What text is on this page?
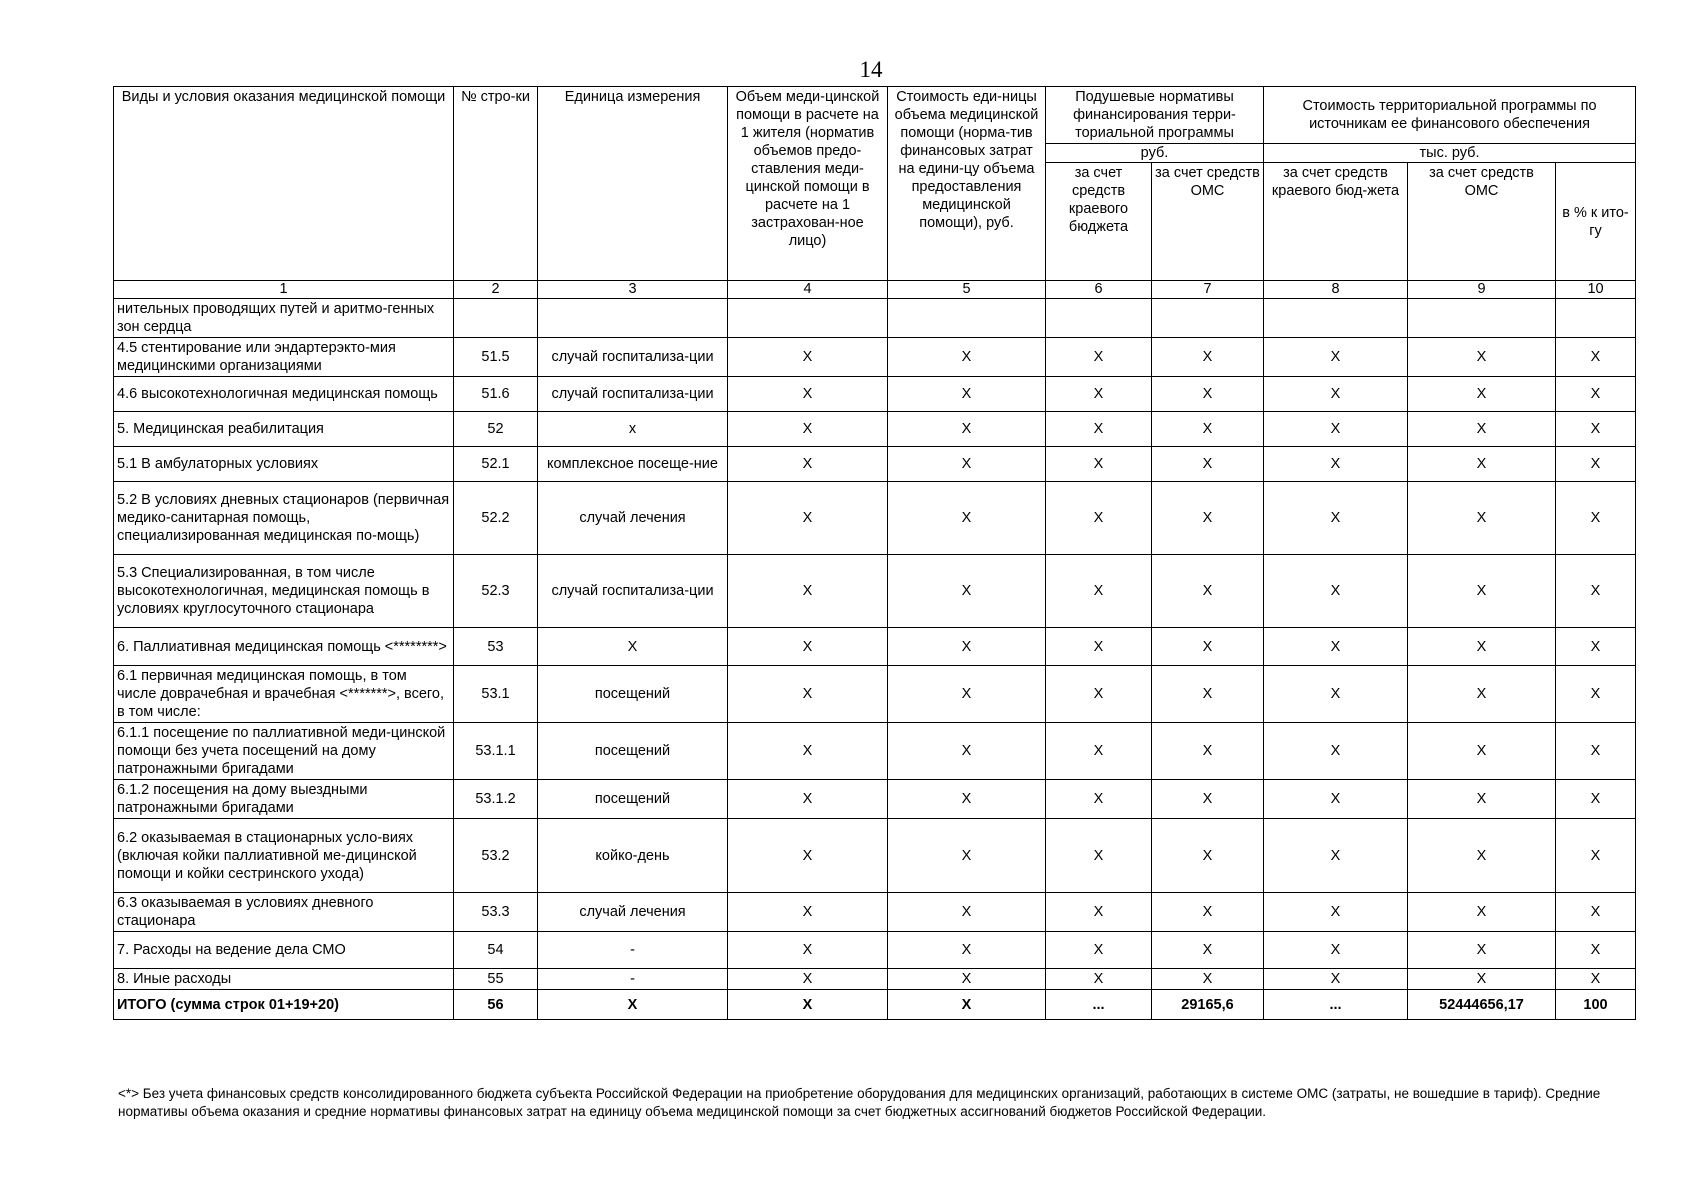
14
Виды и условия оказания медицинской помощи	№ стро-ки	Единица измерения	Объем меди-цинской помощи в расчете на 1 жителя (норматив объемов предо-ставления меди-цинской помощи в расчете на 1 застрахован-ное лицо)	Стоимость еди-ницы объема медицинской помощи (норма-тив финансовых затрат на едини-цу объема предоставления медицинской помощи), руб.	Подушевые нормативы финансирования терри-ториальной программы		Стоимость территориальной программы по источникам ее финансового обеспечения		
					руб.		тыс. руб.		
					за счет средств краевого бюджета	за счет средств ОМС	за счет средств краевого бюд-жета	за счет средств ОМС	в % к ито-гу
1	2	3	4	5	6	7	8	9	10
нительных проводящих путей и аритмо-генных зон сердца									
4.5 стентирование или эндартерэкто-мия медицинскими организациями	51.5	случай госпитализа-ции	X	X	X	X	X	X	X
4.6 высокотехнологичная медицинская помощь	51.6	случай госпитализа-ции	X	X	X	X	X	X	X
5. Медицинская реабилитация	52	x	X	X	X	X	X	X	X
5.1 В амбулаторных условиях	52.1	комплексное посеще-ние	X	X	X	X	X	X	X
5.2 В условиях дневных стационаров (первичная медико-санитарная помощь, специализированная медицинская по-мощь)	52.2	случай лечения	X	X	X	X	X	X	X
5.3 Специализированная, в том числе высокотехнологичная, медицинская помощь в условиях круглосуточного стационара	52.3	случай госпитализа-ции	X	X	X	X	X	X	X
6. Паллиативная медицинская помощь <********>	53	X	X	X	X	X	X	X	X
6.1 первичная медицинская помощь, в том числе доврачебная и врачебная <*******>, всего, в том числе:	53.1	посещений	X	X	X	X	X	X	X
6.1.1 посещение по паллиативной меди-цинской помощи без учета посещений на дому патронажными бригадами	53.1.1	посещений	X	X	X	X	X	X	X
6.1.2 посещения на дому выездными патронажными бригадами	53.1.2	посещений	X	X	X	X	X	X	X
6.2 оказываемая в стационарных усло-виях (включая койки паллиативной ме-дицинской помощи и койки сестринского ухода)	53.2	койко-день	X	X	X	X	X	X	X
6.3 оказываемая в условиях дневного стационара	53.3	случай лечения	X	X	X	X	X	X	X
7. Расходы на ведение дела СМО	54	-	X	X	X	X	X	X	X
8. Иные расходы	55	-	X	X	X	X	X	X	X
ИТОГО (сумма строк 01+19+20)	56	X	X	X	...	29165,6	...	52444656,17	100
<*> Без учета финансовых средств консолидированного бюджета субъекта Российской Федерации на приобретение оборудования для медицинских организаций, работающих в системе ОМС (затраты, не вошедшие в тариф). Средние нормативы объема оказания и средние нормативы финансовых затрат на единицу объема медицинской помощи за счет бюджетных ассигнований бюджетов Российской Федерации.
